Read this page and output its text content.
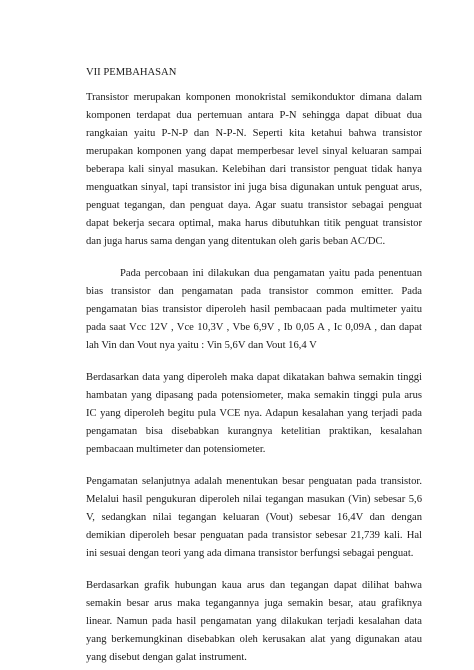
VII PEMBAHASAN

Transistor merupakan komponen monokristal semikonduktor dimana dalam komponen terdapat dua pertemuan antara P-N sehingga dapat dibuat dua rangkaian yaitu P-N-P dan N-P-N. Seperti kita ketahui bahwa transistor merupakan komponen yang dapat memperbesar level sinyal keluaran sampai beberapa kali sinyal masukan. Kelebihan dari transistor penguat tidak hanya menguatkan sinyal, tapi transistor ini juga bisa digunakan untuk penguat arus, penguat tegangan, dan penguat daya. Agar suatu transistor sebagai penguat dapat bekerja secara optimal, maka harus dibutuhkan titik penguat transistor dan juga harus sama dengan yang ditentukan oleh garis beban AC/DC.

Pada percobaan ini dilakukan dua pengamatan yaitu pada penentuan bias transistor dan pengamatan pada transistor common emitter. Pada pengamatan bias transistor diperoleh hasil pembacaan pada multimeter yaitu pada saat Vcc 12V , Vce 10,3V , Vbe 6,9V , Ib 0,05 A , Ic 0,09A , dan dapat lah Vin dan Vout nya yaitu : Vin 5,6V dan Vout 16,4 V

Berdasarkan data yang diperoleh maka dapat dikatakan bahwa semakin tinggi hambatan yang dipasang pada potensiometer, maka semakin tinggi pula arus IC yang diperoleh begitu pula VCE nya. Adapun kesalahan yang terjadi pada pengamatan bisa disebabkan kurangnya ketelitian praktikan, kesalahan pembacaan multimeter dan potensiometer.

Pengamatan selanjutnya adalah menentukan besar penguatan pada transistor. Melalui hasil pengukuran diperoleh nilai tegangan masukan (Vin) sebesar 5,6 V, sedangkan nilai tegangan keluaran (Vout) sebesar 16,4V dan dengan demikian diperoleh besar penguatan pada transistor sebesar 21,739 kali. Hal ini sesuai dengan teori yang ada dimana transistor berfungsi sebagai penguat.

Berdasarkan grafik hubungan kaua arus dan tegangan dapat dilihat bahwa semakin besar arus maka tegangannya juga semakin besar, atau grafiknya linear. Namun pada hasil pengamatan yang dilakukan terjadi kesalahan data yang berkemungkinan disebabkan oleh kerusakan alat yang digunakan atau yang disebut dengan galat instrument.
